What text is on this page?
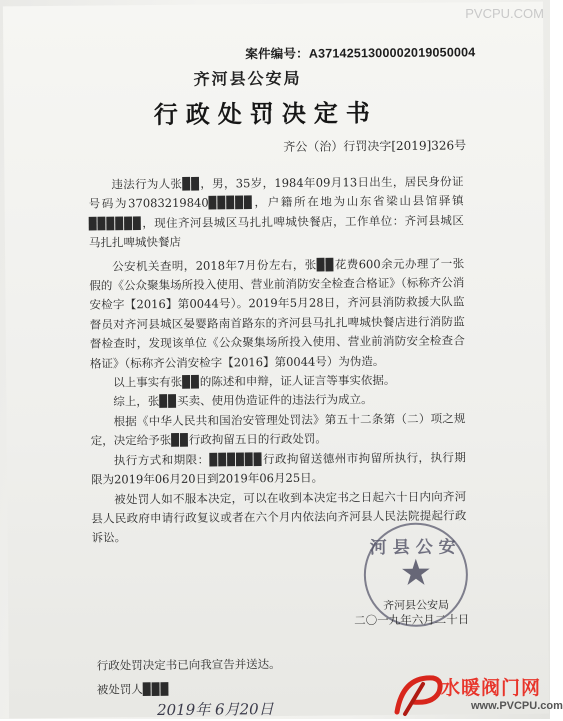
案件编号：A3714251300002019050004
齐河县公安局
行政处罚决定书
齐公（治）行罚决字[2019]326号

违法行为人张▉▉，男，35岁，1984年09月13日出生，居民身份证号码为37083219840▉▉▉▉▉，户籍所在地为山东省梁山县馆驿镇▉▉▉▉▉▉，现住齐河县城区马扎扎啤城快餐店，工作单位：齐河县城区马扎扎啤城快餐店

公安机关查明，2018年7月份左右，张▉▉花费600余元办理了一张假的《公众聚集场所投入使用、营业前消防安全检查合格证》（标称齐公消安检字【2016】第0044号）。2019年5月28日，齐河县消防救援大队监督员对齐河县城区晏婴路南首路东的齐河县马扎扎啤城快餐店进行消防监督检查时，发现该单位《公众聚集场所投入使用、营业前消防安全检查合格证》（标称齐公消安检字【2016】第0044号）为伪造。

以上事实有张▉▉的陈述和申辩，证人证言等事实依据。

综上，张▉▉买卖、使用伪造证件的违法行为成立。

根据《中华人民共和国治安管理处罚法》第五十二条第（二）项之规定，决定给予张▉▉行政拘留五日的行政处罚。

执行方式和期限：▉▉▉▉▉▉行政拘留送德州市拘留所执行，执行期限为2019年06月20日到2019年06月25日。

被处罚人如不服本决定，可以在收到本决定书之日起六十日内向齐河县人民政府申请行政复议或者在六个月内依法向齐河县人民法院提起行政诉讼。	河县公安
★
齐河县公安局
二〇一九年六月二十日
行政处罚决定书已向我宣告并送达。
被处罚人▉▉▉
2019年 6月20日
PVCPU.COM
水暖阀门网
www.PVCPU.com
